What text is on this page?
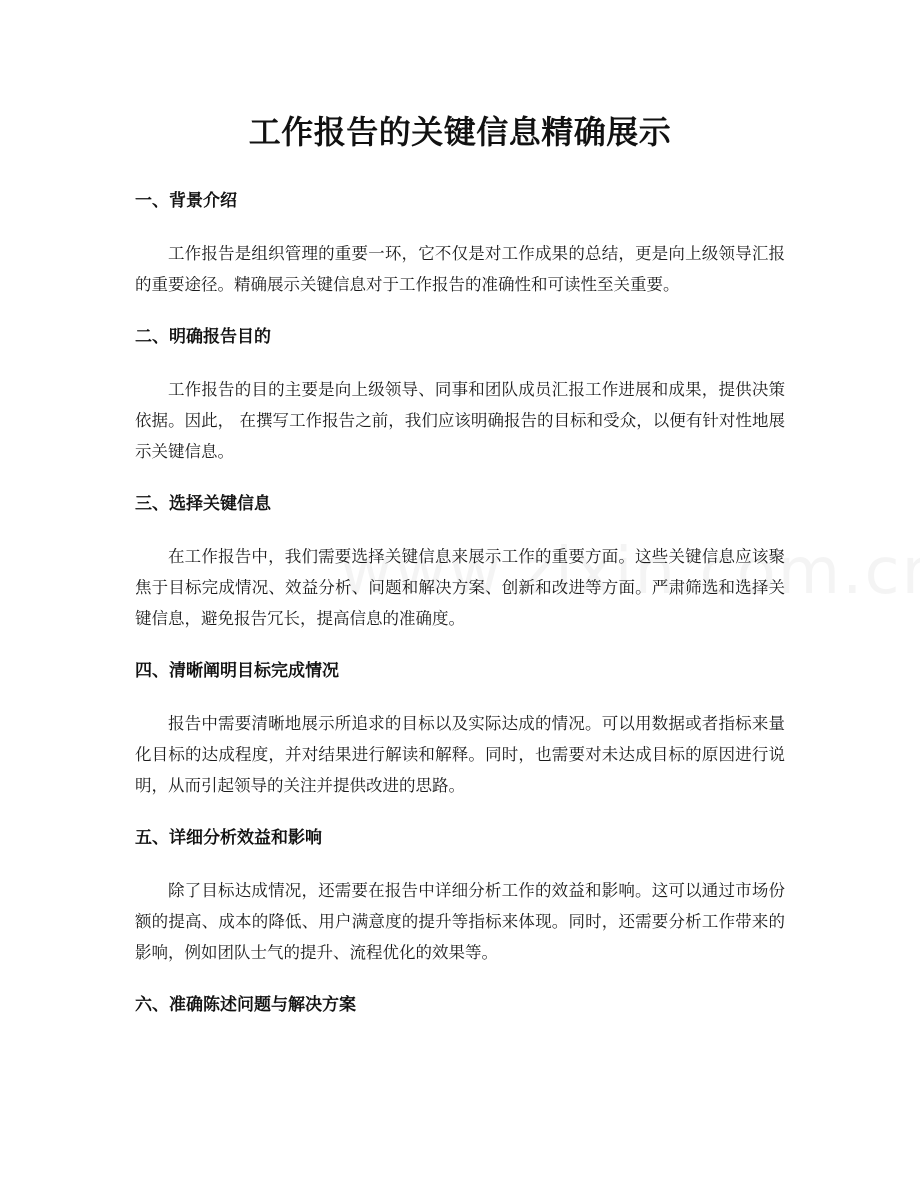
工作报告的关键信息精确展示
一、背景介绍

工作报告是组织管理的重要一环，它不仅是对工作成果的总结，更是向上级领导汇报的重要途径。精确展示关键信息对于工作报告的准确性和可读性至关重要。

二、明确报告目的

工作报告的目的主要是向上级领导、同事和团队成员汇报工作进展和成果，提供决策依据。因此， 在撰写工作报告之前，我们应该明确报告的目标和受众，以便有针对性地展示关键信息。

三、选择关键信息

在工作报告中，我们需要选择关键信息来展示工作的重要方面。这些关键信息应该聚焦于目标完成情况、效益分析、问题和解决方案、创新和改进等方面。严肃筛选和选择关键信息，避免报告冗长，提高信息的准确度。

四、清晰阐明目标完成情况

报告中需要清晰地展示所追求的目标以及实际达成的情况。可以用数据或者指标来量化目标的达成程度，并对结果进行解读和解释。同时，也需要对未达成目标的原因进行说明，从而引起领导的关注并提供改进的思路。

五、详细分析效益和影响

除了目标达成情况，还需要在报告中详细分析工作的效益和影响。这可以通过市场份额的提高、成本的降低、用户满意度的提升等指标来体现。同时，还需要分析工作带来的影响，例如团队士气的提升、流程优化的效果等。

六、准确陈述问题与解决方案
